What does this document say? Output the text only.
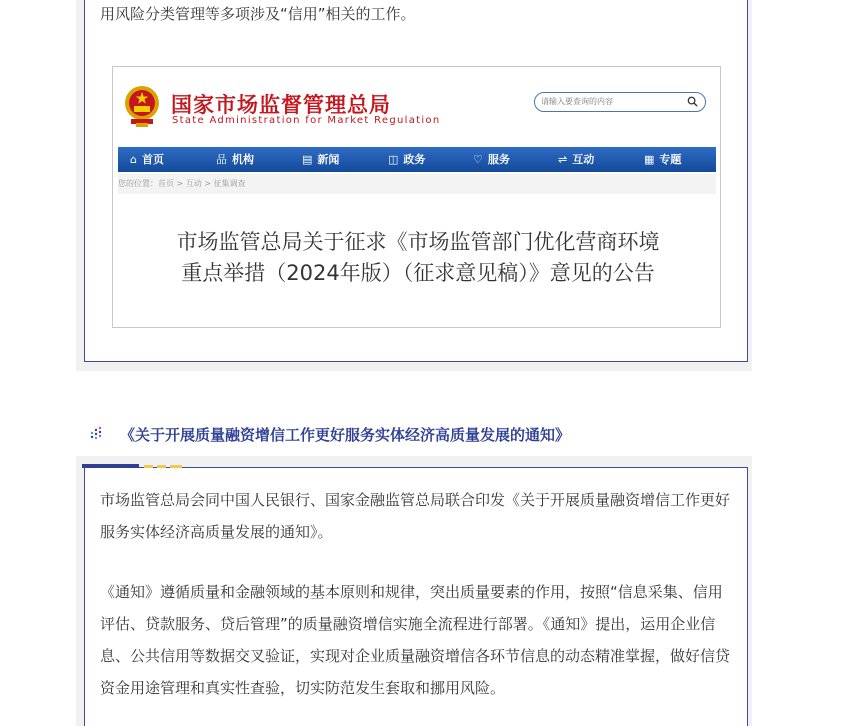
用风险分类管理等多项涉及“信用”相关的工作。
国家市场监督管理总局
State Administration for Market Regulation
请输入要查询的内容
⌂ 首页	品 机构	▤ 新闻	◫ 政务	♡ 服务	⇌ 互动	▦ 专题
您的位置：首页 > 互动 > 征集调查
市场监管总局关于征求《市场监管部门优化营商环境重点举措（2024年版）（征求意见稿）》意见的公告
《关于开展质量融资增信工作更好服务实体经济高质量发展的通知》
市场监管总局会同中国人民银行、国家金融监管总局联合印发《关于开展质量融资增信工作更好服务实体经济高质量发展的通知》。
《通知》遵循质量和金融领域的基本原则和规律，突出质量要素的作用，按照“信息采集、信用评估、贷款服务、贷后管理”的质量融资增信实施全流程进行部署。《通知》提出，运用企业信息、公共信用等数据交叉验证，实现对企业质量融资增信各环节信息的动态精准掌握，做好信贷资金用途管理和真实性查验，切实防范发生套取和挪用风险。
